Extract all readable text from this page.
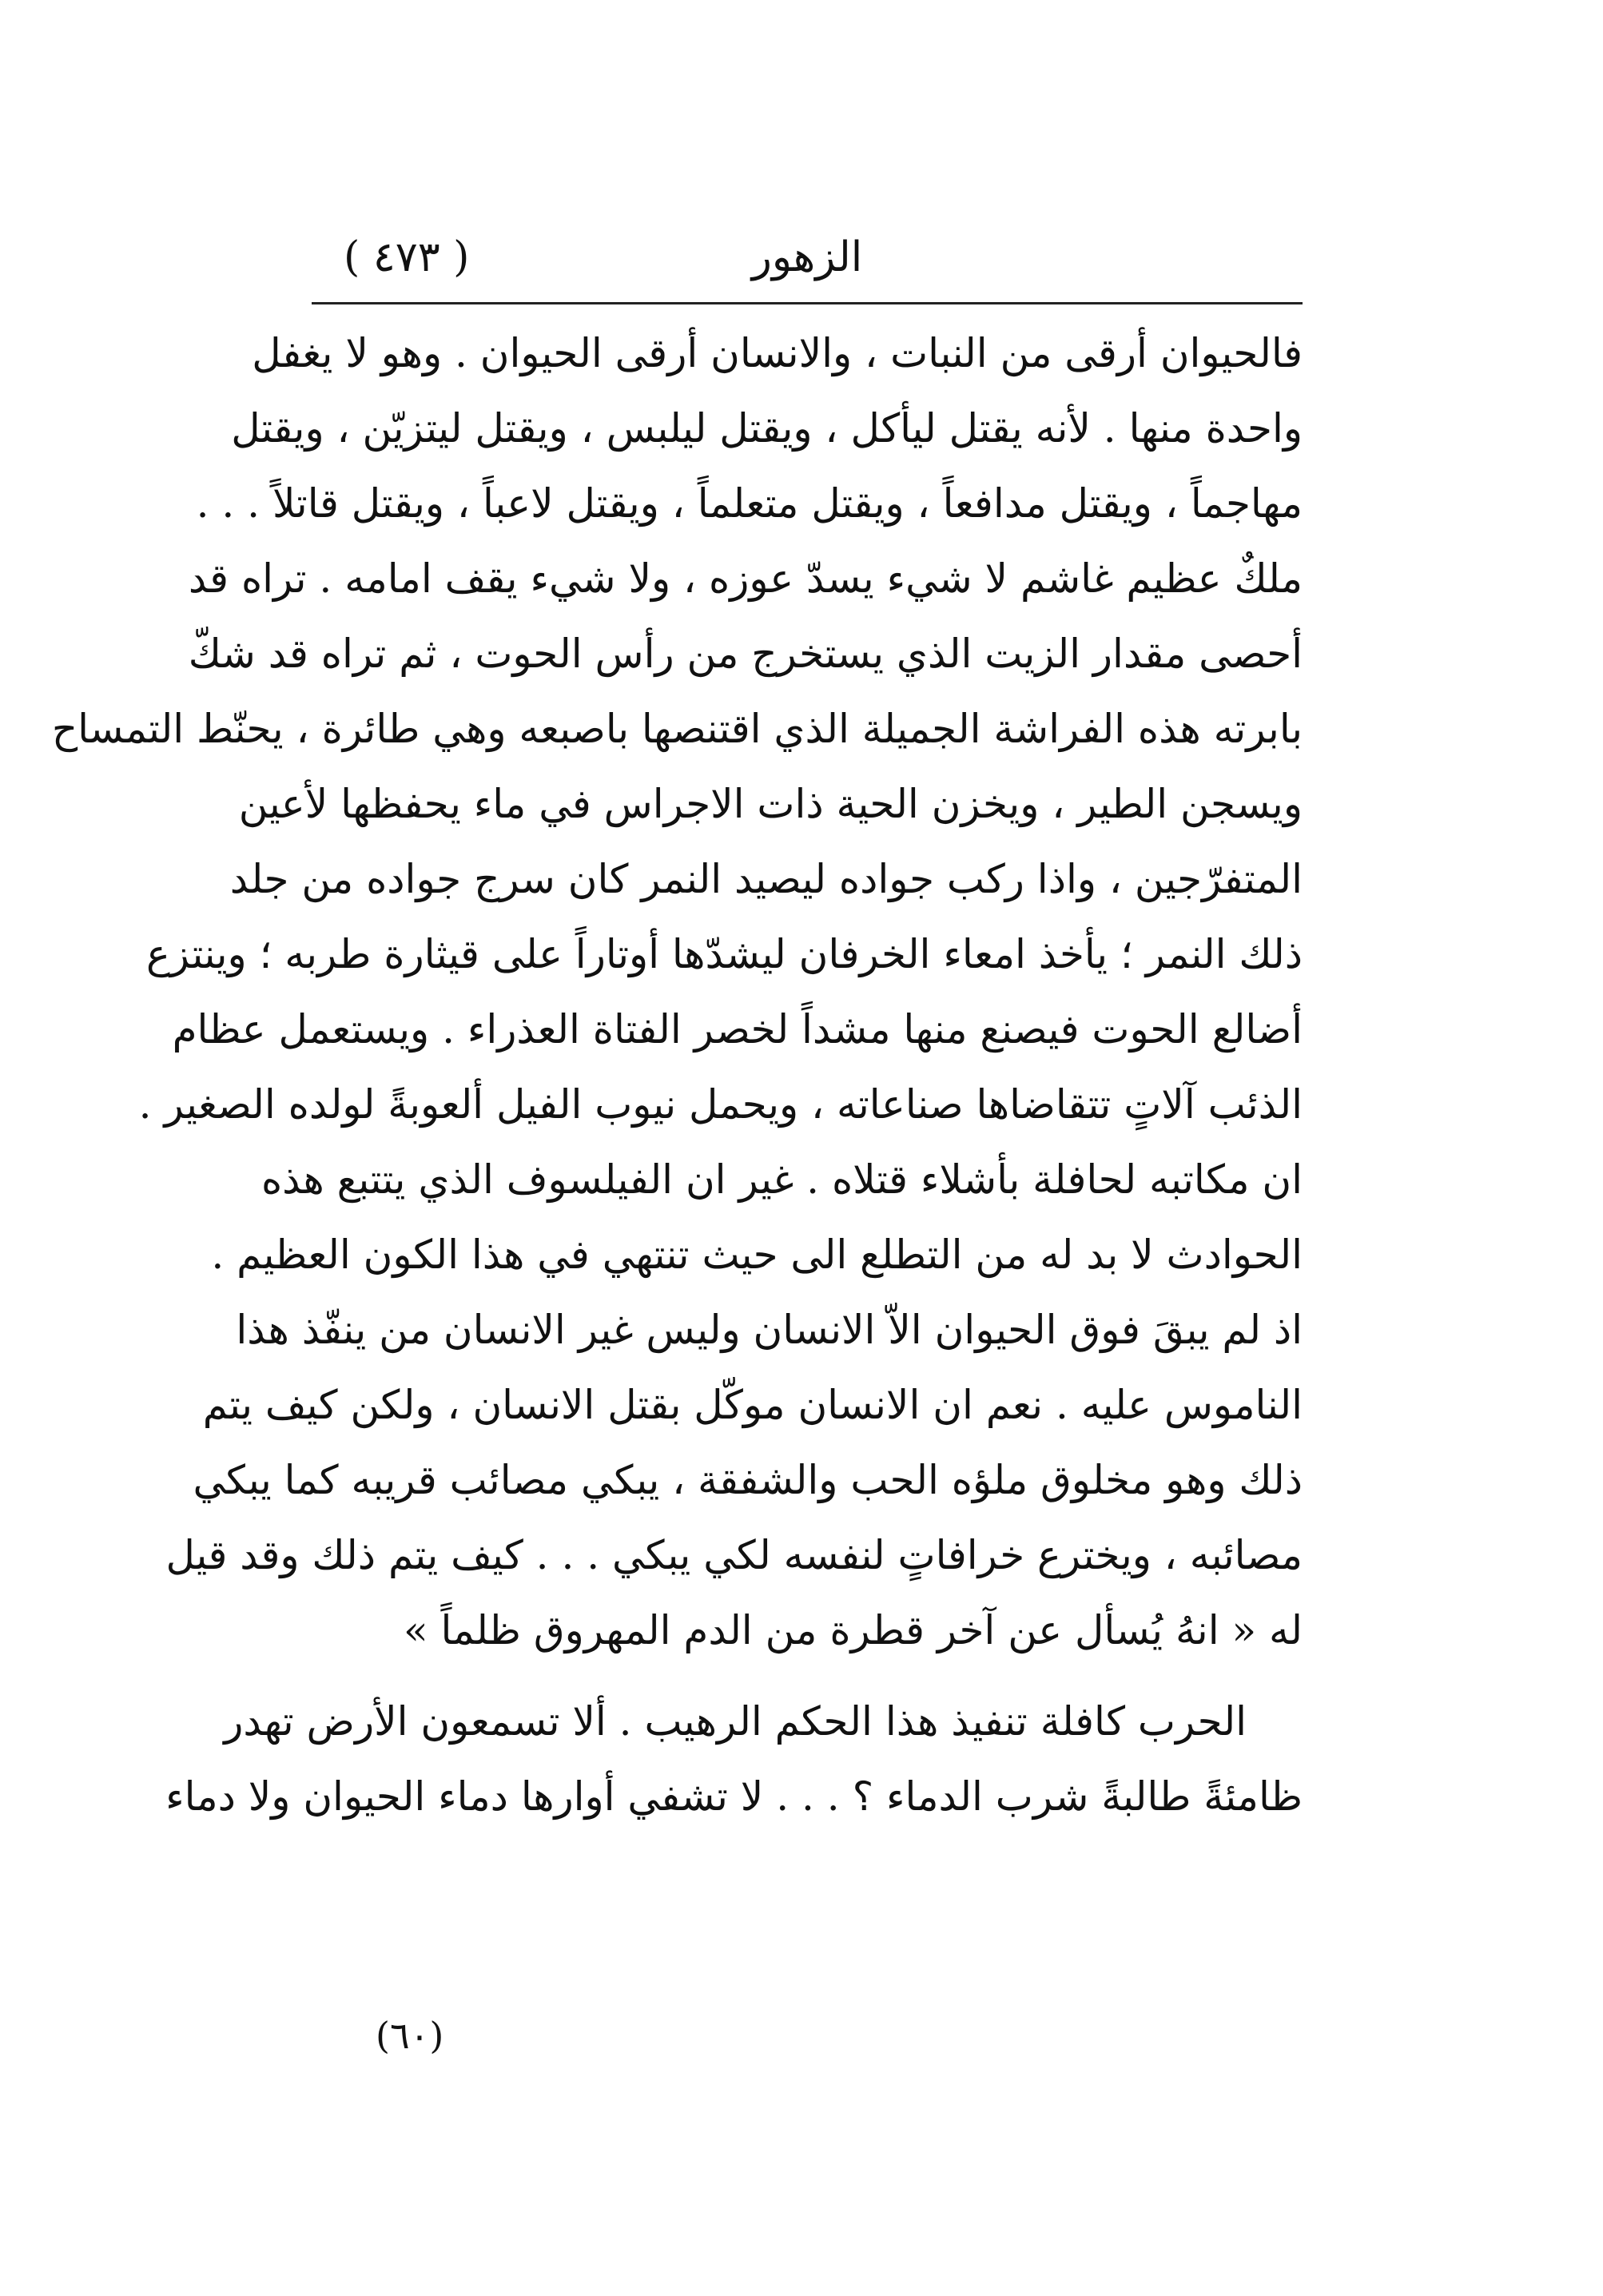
الزهور
( ٤٧٣ )
فالحيوان أرقى من النبات ، والانسان أرقى الحيوان . وهو لا يغفل
واحدة منها . لأنه يقتل ليأكل ، ويقتل ليلبس ، ويقتل ليتزيّن ، ويقتل
مهاجماً ، ويقتل مدافعاً ، ويقتل متعلماً ، ويقتل لاعباً ، ويقتل قاتلاً . . .
ملكٌ عظيم غاشم لا شيء يسدّ عوزه ، ولا شيء يقف امامه . تراه قد
أحصى مقدار الزيت الذي يستخرج من رأس الحوت ، ثم تراه قد شكّ
بابرته هذه الفراشة الجميلة الذي اقتنصها باصبعه وهي طائرة ، يحنّط التمساح
ويسجن الطير ، ويخزن الحية ذات الاجراس في ماء يحفظها لأعين
المتفرّجين ، واذا ركب جواده ليصيد النمر كان سرج جواده من جلد
ذلك النمر ؛ يأخذ امعاء الخرفان ليشدّها أوتاراً على قيثارة طربه ؛ وينتزع
أضالع الحوت فيصنع منها مشداً لخصر الفتاة العذراء . ويستعمل عظام
الذئب آلاتٍ تتقاضاها صناعاته ، ويحمل نيوب الفيل ألعوبةً لولده الصغير .
ان مكاتبه لحافلة بأشلاء قتلاه . غير ان الفيلسوف الذي يتتبع هذه
الحوادث لا بد له من التطلع الى حيث تنتهي في هذا الكون العظيم .
اذ لم يبقَ فوق الحيوان الاّ الانسان وليس غير الانسان من ينفّذ هذا
الناموس عليه . نعم ان الانسان موكّل بقتل الانسان ، ولكن كيف يتم
ذلك وهو مخلوق ملؤه الحب والشفقة ، يبكي مصائب قريبه كما يبكي
مصائبه ، ويخترع خرافاتٍ لنفسه لكي يبكي . . . كيف يتم ذلك وقد قيل
له « انهُ يُسأل عن آخر قطرة من الدم المهروق ظلماً »
الحرب كافلة تنفيذ هذا الحكم الرهيب . ألا تسمعون الأرض تهدر
ظامئةً طالبةً شرب الدماء ؟ . . . لا تشفي أوارها دماء الحيوان ولا دماء
(٦٠)
